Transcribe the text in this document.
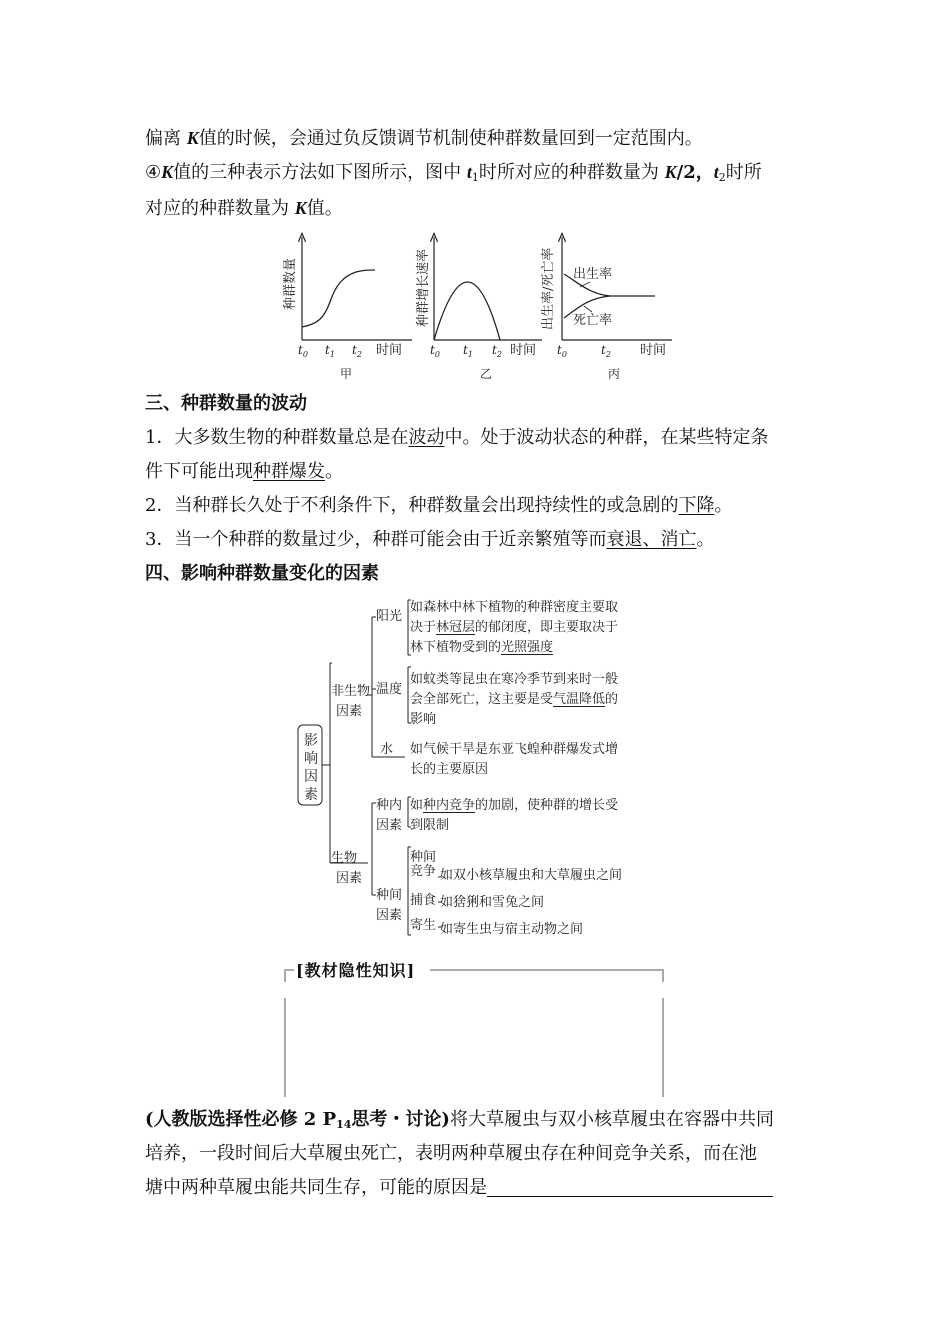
偏离 K值的时候，会通过负反馈调节机制使种群数量回到一定范围内。
④K值的三种表示方法如下图所示，图中 $t_1$时所对应的种群数量为 K/2，$t_2$时所
对应的种群数量为 K值。
种群数量
$t_0$ $t_1$ $t_2$ 时间
甲
种群增长速率
$t_0$ $t_1$ $t_2$ 时间
乙
出生率/死亡率 出生率
死亡率
$t_0$	$t_2$ 时间
丙
三、种群数量的波动
1．大多数生物的种群数量总是在波动中。处于波动状态的种群，在某些特定条
件下可能出现种群爆发。
2．当种群长久处于不利条件下，种群数量会出现持续性的或急剧的下降。
3．当一个种群的数量过少，种群可能会由于近亲繁殖等而衰退、消亡。
四、影响种群数量变化的因素
影响因素
非生物
因素
生物
因素
阳光
如森林中林下植物的种群密度主要取
决于林冠层的郁闭度，即主要取决于
林下植物受到的光照强度
温度
如蚊类等昆虫在寒冷季节到来时一般
会全部死亡，这主要是受气温降低的
影响
水 如气候干旱是东亚飞蝗种群爆发式增
长的主要原因
种内
因素
如种内竞争的加剧，使种群的增长受
到限制
种间
因素
种间
竞争 如双小核草履虫和大草履虫之间
捕食 如猞猁和雪兔之间
寄生 如寄生虫与宿主动物之间
[教材隐性知识]
(人教版选择性必修 2 $P_{14}$思考・讨论)将大草履虫与双小核草履虫在容器中共同
培养，一段时间后大草履虫死亡，表明两种草履虫存在种间竞争关系，而在池
塘中两种草履虫能共同生存，可能的原因是
